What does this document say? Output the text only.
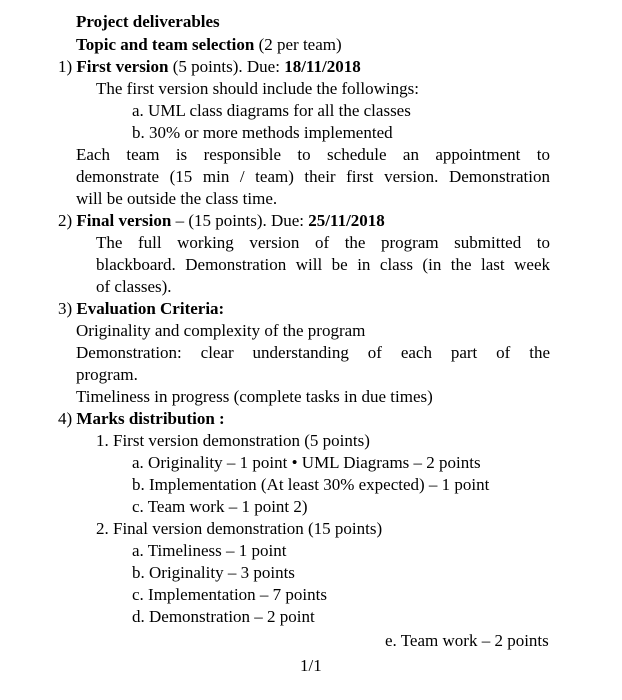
Project deliverables
Topic and team selection (2 per team)
1) First version (5 points). Due: 18/11/2018
The first version should include the followings:
a. UML class diagrams for all the classes
b. 30% or more methods implemented
Each team is responsible to schedule an appointment to
demonstrate (15 min / team) their first version. Demonstration
will be outside the class time.
2) Final version – (15 points). Due: 25/11/2018
The full working version of the program submitted to
blackboard. Demonstration will be in class (in the last week
of classes).
3) Evaluation Criteria:
Originality and complexity of the program
Demonstration: clear understanding of each part of the
program.
Timeliness in progress (complete tasks in due times)
4) Marks distribution :
1. First version demonstration (5 points)
a. Originality – 1 point • UML Diagrams – 2 points
b. Implementation (At least 30% expected) – 1 point
c. Team work – 1 point 2)
2. Final version demonstration (15 points)
a. Timeliness – 1 point
b. Originality – 3 points
c. Implementation – 7 points
d. Demonstration – 2 point
e. Team work – 2 points
1/1
